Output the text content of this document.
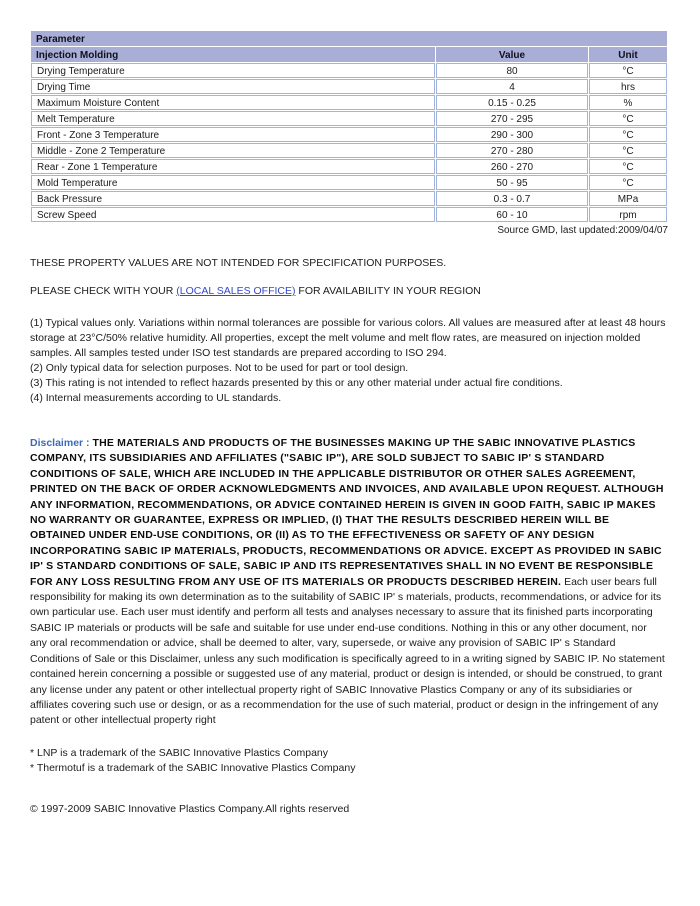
Parameter		
Injection Molding	Value	Unit
Drying Temperature	80	°C
Drying Time	4	hrs
Maximum Moisture Content	0.15 - 0.25	%
Melt Temperature	270 - 295	°C
Front - Zone 3 Temperature	290 - 300	°C
Middle - Zone 2 Temperature	270 - 280	°C
Rear - Zone 1 Temperature	260 - 270	°C
Mold Temperature	50 - 95	°C
Back Pressure	0.3 - 0.7	MPa
Screw Speed	60 - 10	rpm
Source GMD, last updated:2009/04/07

THESE PROPERTY VALUES ARE NOT INTENDED FOR SPECIFICATION PURPOSES.

PLEASE CHECK WITH YOUR (LOCAL SALES OFFICE) FOR AVAILABILITY IN YOUR REGION

(1) Typical values only. Variations within normal tolerances are possible for various colors. All values are measured after at least 48 hours storage at 23°C/50% relative humidity. All properties, except the melt volume and melt flow rates, are measured on injection molded samples. All samples tested under ISO test standards are prepared according to ISO 294.
(2) Only typical data for selection purposes. Not to be used for part or tool design.
(3) This rating is not intended to reflect hazards presented by this or any other material under actual fire conditions.
(4) Internal measurements according to UL standards.

Disclaimer : THE MATERIALS AND PRODUCTS OF THE BUSINESSES MAKING UP THE SABIC INNOVATIVE PLASTICS COMPANY, ITS SUBSIDIARIES AND AFFILIATES ("SABIC IP"), ARE SOLD SUBJECT TO SABIC IP' S STANDARD CONDITIONS OF SALE, WHICH ARE INCLUDED IN THE APPLICABLE DISTRIBUTOR OR OTHER SALES AGREEMENT, PRINTED ON THE BACK OF ORDER ACKNOWLEDGMENTS AND INVOICES, AND AVAILABLE UPON REQUEST. ALTHOUGH ANY INFORMATION, RECOMMENDATIONS, OR ADVICE CONTAINED HEREIN IS GIVEN IN GOOD FAITH, SABIC IP MAKES NO WARRANTY OR GUARANTEE, EXPRESS OR IMPLIED, (I) THAT THE RESULTS DESCRIBED HEREIN WILL BE OBTAINED UNDER END-USE CONDITIONS, OR (II) AS TO THE EFFECTIVENESS OR SAFETY OF ANY DESIGN INCORPORATING SABIC IP MATERIALS, PRODUCTS, RECOMMENDATIONS OR ADVICE. EXCEPT AS PROVIDED IN SABIC IP' S STANDARD CONDITIONS OF SALE, SABIC IP AND ITS REPRESENTATIVES SHALL IN NO EVENT BE RESPONSIBLE FOR ANY LOSS RESULTING FROM ANY USE OF ITS MATERIALS OR PRODUCTS DESCRIBED HEREIN. Each user bears full responsibility for making its own determination as to the suitability of SABIC IP' s materials, products, recommendations, or advice for its own particular use. Each user must identify and perform all tests and analyses necessary to assure that its finished parts incorporating SABIC IP materials or products will be safe and suitable for use under end-use conditions. Nothing in this or any other document, nor any oral recommendation or advice, shall be deemed to alter, vary, supersede, or waive any provision of SABIC IP' s Standard Conditions of Sale or this Disclaimer, unless any such modification is specifically agreed to in a writing signed by SABIC IP. No statement contained herein concerning a possible or suggested use of any material, product or design is intended, or should be construed, to grant any license under any patent or other intellectual property right of SABIC Innovative Plastics Company or any of its subsidiaries or affiliates covering such use or design, or as a recommendation for the use of such material, product or design in the infringement of any patent or other intellectual property right

* LNP is a trademark of the SABIC Innovative Plastics Company
* Thermotuf is a trademark of the SABIC Innovative Plastics Company

© 1997-2009 SABIC Innovative Plastics Company.All rights reserved
